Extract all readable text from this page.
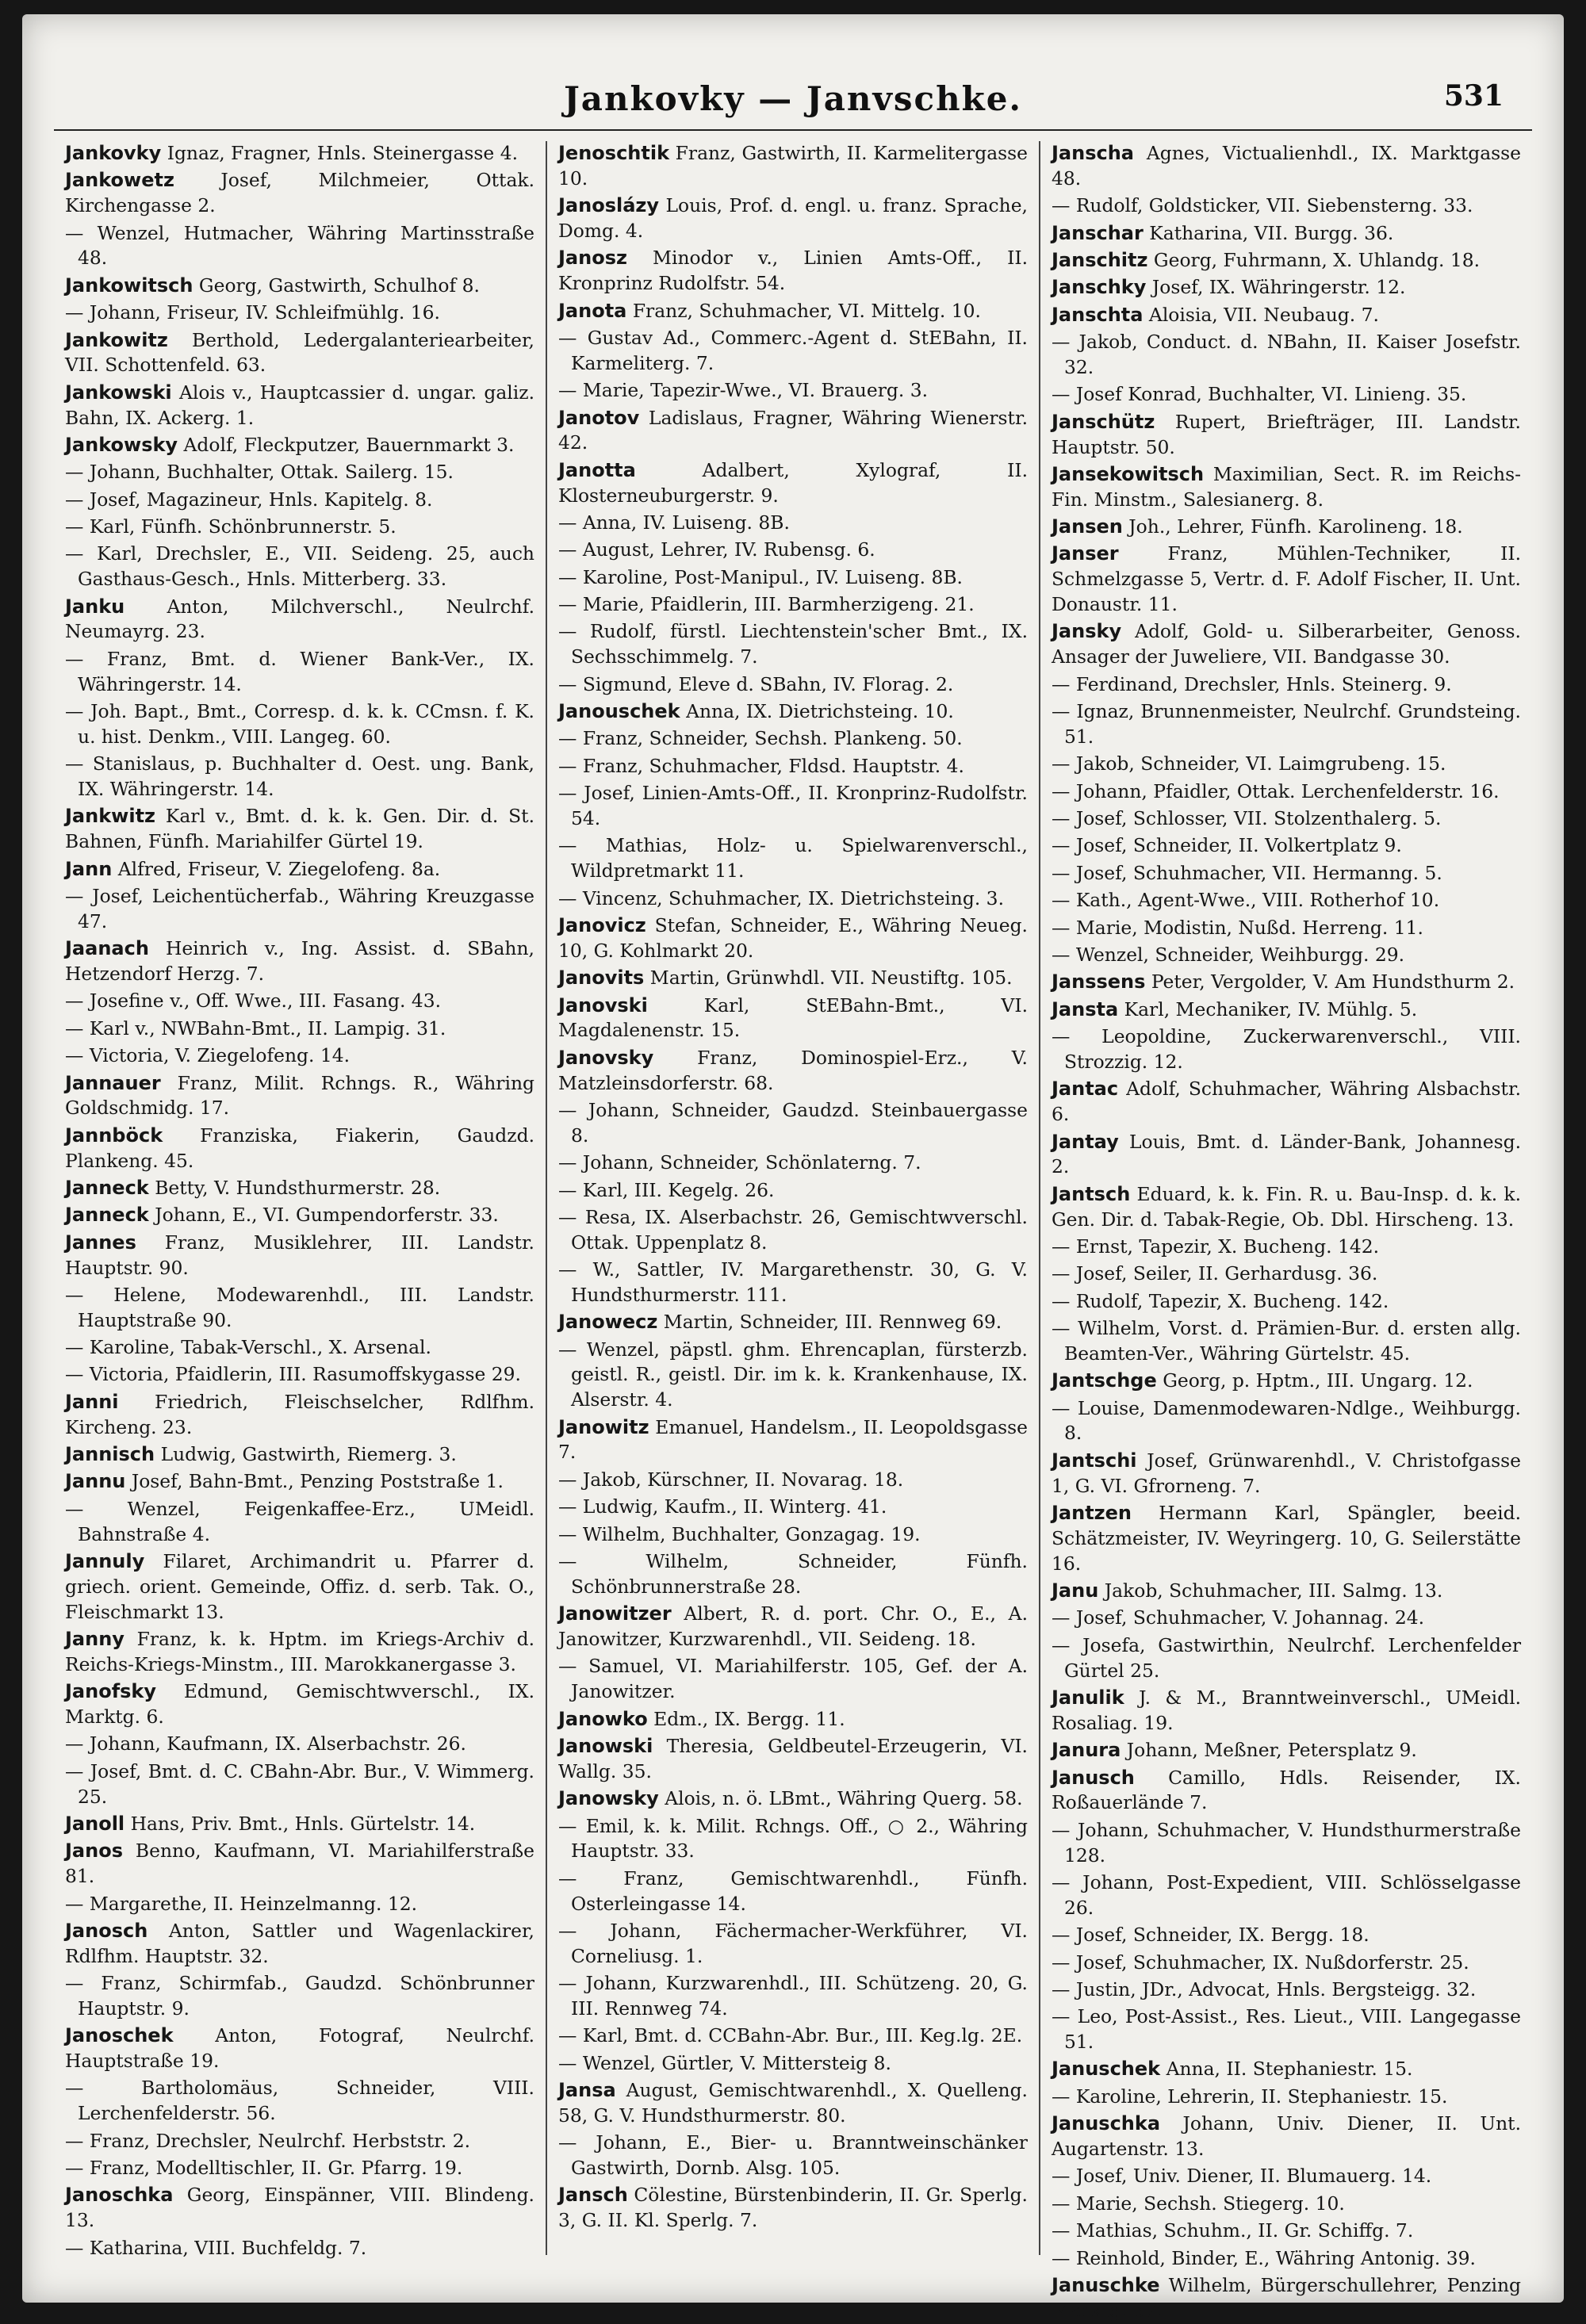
Jankovky — Janvschke.	531

Jankovky Ignaz, Fragner, Hnls. Steinergasse 4.

Jankowetz	Josef, Milchmeier, Ottak. Kirchengasse 2.

— Wenzel, Hutmacher, Währing Martinsstraße 48.

Jankowitsch Georg, Gastwirth, Schulhof 8.

— Johann, Friseur, IV. Schleifmühlg. 16.

Jankowitz Berthold, Ledergalanteriearbeiter, VII. Schottenfeld. 63.

Jankowski Alois v., Hauptcassier d. ungar. galiz. Bahn, IX. Ackerg. 1.

Jankowsky Adolf, Fleckputzer, Bauernmarkt 3.

— Johann, Buchhalter, Ottak. Sailerg. 15.

— Josef, Magazineur, Hnls. Kapitelg. 8.

— Karl, Fünfh. Schönbrunnerstr. 5.

— Karl, Drechsler, E., VII. Seideng. 25, auch Gasthaus-Gesch., Hnls. Mitterberg. 33.

Janku Anton, Milchverschl., Neulrchf. Neumayrg. 23.

— Franz, Bmt. d. Wiener Bank-Ver., IX. Währingerstr. 14.

— Joh. Bapt., Bmt., Corresp. d. k. k. CCmsn. f. K. u. hist. Denkm., VIII. Langeg. 60.

— Stanislaus, p. Buchhalter d. Oest. ung. Bank, IX. Währingerstr. 14.

Jankwitz Karl v., Bmt. d. k. k. Gen. Dir. d. St. Bahnen, Fünfh. Mariahilfer Gürtel 19.

Jann Alfred, Friseur, V. Ziegelofeng. 8a.

— Josef, Leichentücherfab., Währing Kreuzgasse 47.

Jaanach Heinrich v., Ing. Assist. d. SBahn, Hetzendorf Herzg. 7.

— Josefine v., Off. Wwe., III. Fasang. 43.

— Karl v., NWBahn-Bmt., II. Lampig. 31.

— Victoria, V. Ziegelofeng. 14.

Jannauer Franz, Milit. Rchngs. R., Währing Goldschmidg. 17.

Jannböck Franziska, Fiakerin, Gaudzd. Plankeng. 45.

Janneck Betty, V. Hundsthurmerstr. 28.

Janneck Johann, E., VI. Gumpendorferstr. 33.

Jannes Franz, Musiklehrer, III. Landstr. Hauptstr. 90.

— Helene, Modewarenhdl., III. Landstr. Hauptstraße 90.

— Karoline, Tabak-Verschl., X. Arsenal.

— Victoria, Pfaidlerin, III. Rasumoffskygasse 29.

Janni Friedrich, Fleischselcher, Rdlfhm. Kircheng. 23.

Jannisch Ludwig, Gastwirth, Riemerg. 3.

Jannu Josef, Bahn-Bmt., Penzing Poststraße 1.

— Wenzel, Feigenkaffee-Erz., UMeidl. Bahnstraße 4.

Jannuly Filaret, Archimandrit u. Pfarrer d. griech. orient. Gemeinde, Offiz. d. serb. Tak. O., Fleischmarkt 13.

Janny Franz, k. k. Hptm. im Kriegs-Archiv d. Reichs-Kriegs-Minstm., III. Marokkanergasse 3.

Janofsky Edmund, Gemischtwverschl., IX. Marktg. 6.

— Johann, Kaufmann, IX. Alserbachstr. 26.

— Josef, Bmt. d. C. CBahn-Abr. Bur., V. Wimmerg. 25.

Janoll Hans, Priv. Bmt., Hnls. Gürtelstr. 14.

Janos Benno, Kaufmann, VI. Mariahilferstraße 81.

— Margarethe, II. Heinzelmanng. 12.

Janosch Anton, Sattler und Wagenlackirer, Rdlfhm. Hauptstr. 32.

— Franz, Schirmfab., Gaudzd. Schönbrunner Hauptstr. 9.

Janoschek Anton, Fotograf, Neulrchf. Hauptstraße 19.

— Bartholomäus, Schneider, VIII. Lerchenfelderstr. 56.

— Franz, Drechsler, Neulrchf. Herbststr. 2.

— Franz, Modelltischler, II. Gr. Pfarrg. 19.

Janoschka Georg, Einspänner, VIII. Blindeng. 13.

— Katharina, VIII. Buchfeldg. 7.

Jenoschtik Franz, Gastwirth, II. Karmelitergasse 10.

Janoslázy Louis, Prof. d. engl. u. franz. Sprache, Domg. 4.

Janosz Minodor v., Linien Amts-Off., II. Kronprinz Rudolfstr. 54.

Janota Franz, Schuhmacher, VI. Mittelg. 10.

— Gustav Ad., Commerc.-Agent d. StEBahn, II. Karmeliterg. 7.

— Marie, Tapezir-Wwe., VI. Brauerg. 3.

Janotov Ladislaus, Fragner, Währing Wienerstr. 42.

Janotta	Adalbert, Xylograf, II. Klosterneuburgerstr. 9.

— Anna, IV. Luiseng. 8B.

— August, Lehrer, IV. Rubensg. 6.

— Karoline, Post-Manipul., IV. Luiseng. 8B.

— Marie, Pfaidlerin, III. Barmherzigeng. 21.

— Rudolf, fürstl. Liechtenstein'scher Bmt., IX. Sechsschimmelg. 7.

— Sigmund, Eleve d. SBahn, IV. Florag. 2.

Janouschek Anna, IX. Dietrichsteing. 10.

— Franz, Schneider, Sechsh. Plankeng. 50.

— Franz, Schuhmacher, Fldsd. Hauptstr. 4.

— Josef, Linien-Amts-Off., II. Kronprinz-Rudolfstr. 54.

— Mathias, Holz- u. Spielwarenverschl., Wildpretmarkt 11.

— Vincenz, Schuhmacher, IX. Dietrichsteing. 3.

Janovicz Stefan, Schneider, E., Währing Neueg. 10, G. Kohlmarkt 20.

Janovits Martin, Grünwhdl. VII. Neustiftg. 105.

Janovski	Karl, StEBahn-Bmt., VI. Magdalenenstr. 15.

Janovsky Franz, Dominospiel-Erz., V. Matzleinsdorferstr. 68.

— Johann, Schneider, Gaudzd. Steinbauergasse 8.

— Johann, Schneider, Schönlaterng. 7.

— Karl, III. Kegelg. 26.

— Resa, IX. Alserbachstr. 26, Gemischtwverschl. Ottak. Uppenplatz 8.

— W., Sattler, IV. Margarethenstr. 30, G. V. Hundsthurmerstr. 111.

Janowecz Martin, Schneider, III. Rennweg 69.

— Wenzel, päpstl. ghm. Ehrencaplan, fürsterzb. geistl. R., geistl. Dir. im k. k. Krankenhause, IX. Alserstr. 4.

Janowitz Emanuel, Handelsm., II. Leopoldsgasse 7.

— Jakob, Kürschner, II. Novarag. 18.

— Ludwig, Kaufm., II. Winterg. 41.

— Wilhelm, Buchhalter, Gonzagag. 19.

— Wilhelm, Schneider, Fünfh. Schönbrunnerstraße 28.

Janowitzer Albert, R. d. port. Chr. O., E., A. Janowitzer, Kurzwarenhdl., VII. Seideng. 18.

— Samuel, VI. Mariahilferstr. 105, Gef. der A. Janowitzer.

Janowko Edm., IX. Bergg. 11.

Janowski Theresia, Geldbeutel-Erzeugerin, VI. Wallg. 35.

Janowsky Alois, n. ö. LBmt., Währing Querg. 58.

— Emil, k. k. Milit. Rchngs. Off., ○ 2., Währing Hauptstr. 33.

— Franz, Gemischtwarenhdl., Fünfh. Osterleingasse 14.

— Johann, Fächermacher-Werkführer, VI. Corneliusg. 1.

— Johann, Kurzwarenhdl., III. Schützeng. 20, G. III. Rennweg 74.

— Karl, Bmt. d. CCBahn-Abr. Bur., III. Keg.lg. 2E.

— Wenzel, Gürtler, V. Mittersteig 8.

Jansa August, Gemischtwarenhdl., X. Quelleng. 58, G. V. Hundsthurmerstr. 80.

— Johann, E., Bier- u. Branntweinschänker Gastwirth, Dornb. Alsg. 105.

Jansch Cölestine, Bürstenbinderin, II. Gr. Sperlg. 3, G. II. Kl. Sperlg. 7.

Janscha Agnes, Victualienhdl., IX. Marktgasse 48.

— Rudolf, Goldsticker, VII. Siebensterng. 33.

Janschar Katharina, VII. Burgg. 36.

Janschitz Georg, Fuhrmann, X. Uhlandg. 18.

Janschky Josef, IX. Währingerstr. 12.

Janschta Aloisia, VII. Neubaug. 7.

— Jakob, Conduct. d. NBahn, II. Kaiser Josefstr. 32.

— Josef Konrad, Buchhalter, VI. Linieng. 35.

Janschütz Rupert, Briefträger, III. Landstr. Hauptstr. 50.

Jansekowitsch Maximilian, Sect. R. im Reichs-Fin. Minstm., Salesianerg. 8.

Jansen Joh., Lehrer, Fünfh. Karolineng. 18.

Janser	Franz, Mühlen-Techniker, II. Schmelzgasse 5, Vertr. d. F. Adolf Fischer, II. Unt. Donaustr. 11.

Jansky Adolf, Gold- u. Silberarbeiter, Genoss. Ansager der Juweliere, VII. Bandgasse 30.

— Ferdinand, Drechsler, Hnls. Steinerg. 9.

— Ignaz, Brunnenmeister, Neulrchf. Grundsteing. 51.

— Jakob, Schneider, VI. Laimgrubeng. 15.

— Johann, Pfaidler, Ottak. Lerchenfelderstr. 16.

— Josef, Schlosser, VII. Stolzenthalerg. 5.

— Josef, Schneider, II. Volkertplatz 9.

— Josef, Schuhmacher, VII. Hermanng. 5.

— Kath., Agent-Wwe., VIII. Rotherhof 10.

— Marie, Modistin, Nußd. Herreng. 11.

— Wenzel, Schneider, Weihburgg. 29.

Janssens Peter, Vergolder, V. Am Hundsthurm 2.

Jansta Karl, Mechaniker, IV. Mühlg. 5.

— Leopoldine, Zuckerwarenverschl., VIII. Strozzig. 12.

Jantac Adolf, Schuhmacher, Währing Alsbachstr. 6.

Jantay Louis, Bmt. d. Länder-Bank, Johannesg. 2.

Jantsch Eduard, k. k. Fin. R. u. Bau-Insp. d. k. k. Gen. Dir. d. Tabak-Regie, Ob. Dbl. Hirscheng. 13.

— Ernst, Tapezir, X. Bucheng. 142.

— Josef, Seiler, II. Gerhardusg. 36.

— Rudolf, Tapezir, X. Bucheng. 142.

— Wilhelm, Vorst. d. Prämien-Bur. d. ersten allg. Beamten-Ver., Währing Gürtelstr. 45.

Jantschge Georg, p. Hptm., III. Ungarg. 12.

— Louise, Damenmodewaren-Ndlge., Weihburgg. 8.

Jantschi Josef, Grünwarenhdl., V. Christofgasse 1, G. VI. Gfrorneng. 7.

Jantzen Hermann Karl, Spängler, beeid. Schätzmeister, IV. Weyringerg. 10, G. Seilerstätte 16.

Janu Jakob, Schuhmacher, III. Salmg. 13.

— Josef, Schuhmacher, V. Johannag. 24.

— Josefa, Gastwirthin, Neulrchf. Lerchenfelder Gürtel 25.

Janulik J. & M., Branntweinverschl., UMeidl. Rosaliag. 19.

Janura Johann, Meßner, Petersplatz 9.

Janusch Camillo, Hdls. Reisender, IX. Roßauerlände 7.

— Johann, Schuhmacher, V. Hundsthurmerstraße 128.

— Johann, Post-Expedient, VIII. Schlösselgasse 26.

— Josef, Schneider, IX. Bergg. 18.

— Josef, Schuhmacher, IX. Nußdorferstr. 25.

— Justin, JDr., Advocat, Hnls. Bergsteigg. 32.

— Leo, Post-Assist., Res. Lieut., VIII. Langegasse 51.

Januschek Anna, II. Stephaniestr. 15.

— Karoline, Lehrerin, II. Stephaniestr. 15.

Januschka Johann, Univ. Diener, II. Unt. Augartenstr. 13.

— Josef, Univ. Diener, II. Blumauerg. 14.

— Marie, Sechsh. Stiegerg. 10.

— Mathias, Schuhm., II. Gr. Schiffg. 7.

— Reinhold, Binder, E., Währing Antonig. 39.

Januschke Wilhelm, Bürgerschullehrer, Penzing Marktg. 57.
